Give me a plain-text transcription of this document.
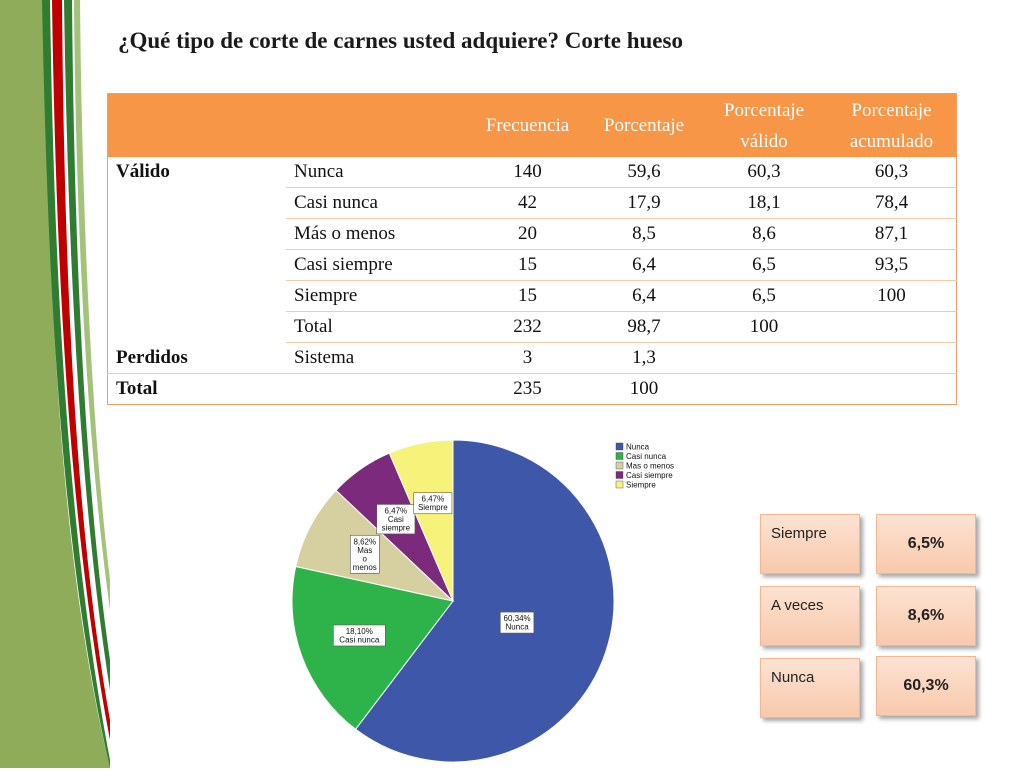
¿Qué tipo de corte de carnes usted adquiere? Corte hueso
		Frecuencia	Porcentaje	Porcentaje válido	Porcentaje acumulado
Válido	Nunca	140	59,6	60,3	60,3
	Casi nunca	42	17,9	18,1	78,4
	Más o menos	20	8,5	8,6	87,1
	Casi siempre	15	6,4	6,5	93,5
	Siempre	15	6,4	6,5	100
	Total	232	98,7	100	
Perdidos	Sistema	3	1,3		
Total		235	100		
60,34%
Nunca
18,10%
Casi nunca
8,62%
Mas
o
menos
6,47%
Casi
siempre
6,47%
Siempre
Nunca
Casi nunca
Mas o menos
Casi siempre
Siempre
Siempre
6,5%
A veces
8,6%
Nunca	60,3%
